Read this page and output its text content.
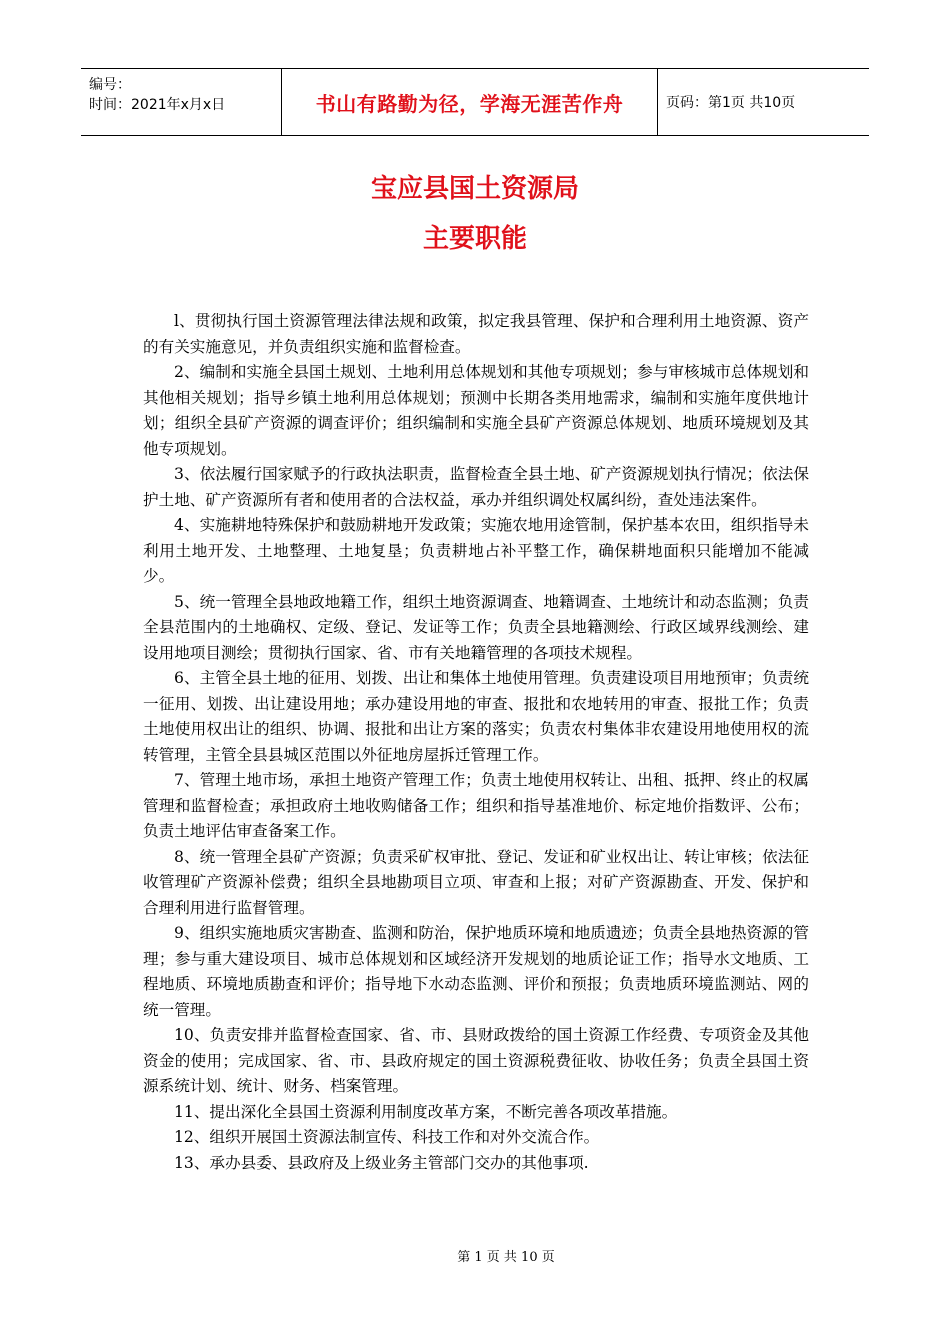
编号：
时间：2021年x月x日	书山有路勤为径，学海无涯苦作舟	页码：第1页 共10页
宝应县国土资源局
主要职能

l、贯彻执行国土资源管理法律法规和政策，拟定我县管理、保护和合理利用土地资源、资产的有关实施意见，并负责组织实施和监督检查。

2、编制和实施全县国土规划、土地利用总体规划和其他专项规划；参与审核城市总体规划和其他相关规划；指导乡镇土地利用总体规划；预测中长期各类用地需求，编制和实施年度供地计划；组织全县矿产资源的调查评价；组织编制和实施全县矿产资源总体规划、地质环境规划及其他专项规划。

3、依法履行国家赋予的行政执法职责，监督检查全县土地、矿产资源规划执行情况；依法保护土地、矿产资源所有者和使用者的合法权益，承办并组织调处权属纠纷，查处违法案件。

4、实施耕地特殊保护和鼓励耕地开发政策；实施农地用途管制，保护基本农田，组织指导未利用土地开发、土地整理、土地复垦；负责耕地占补平整工作，确保耕地面积只能增加不能减少。

5、统一管理全县地政地籍工作，组织土地资源调查、地籍调查、土地统计和动态监测；负责全县范围内的土地确权、定级、登记、发证等工作；负责全县地籍测绘、行政区域界线测绘、建设用地项目测绘；贯彻执行国家、省、市有关地籍管理的各项技术规程。

6、主管全县土地的征用、划拨、出让和集体土地使用管理。负责建设项目用地预审；负责统一征用、划拨、出让建设用地；承办建设用地的审查、报批和农地转用的审查、报批工作；负责土地使用权出让的组织、协调、报批和出让方案的落实；负责农村集体非农建设用地使用权的流转管理，主管全县县城区范围以外征地房屋拆迁管理工作。

7、管理土地市场，承担土地资产管理工作；负责土地使用权转让、出租、抵押、终止的权属管理和监督检查；承担政府土地收购储备工作；组织和指导基准地价、标定地价指数评、公布；负责土地评估审查备案工作。

8、统一管理全县矿产资源；负责采矿权审批、登记、发证和矿业权出让、转让审核；依法征收管理矿产资源补偿费；组织全县地勘项目立项、审查和上报；对矿产资源勘查、开发、保护和合理利用进行监督管理。

9、组织实施地质灾害勘查、监测和防治，保护地质环境和地质遗迹；负责全县地热资源的管理；参与重大建设项目、城市总体规划和区域经济开发规划的地质论证工作；指导水文地质、工程地质、环境地质勘查和评价；指导地下水动态监测、评价和预报；负责地质环境监测站、网的统一管理。

10、负责安排并监督检查国家、省、市、县财政拨给的国土资源工作经费、专项资金及其他资金的使用；完成国家、省、市、县政府规定的国土资源税费征收、协收任务；负责全县国土资源系统计划、统计、财务、档案管理。

11、提出深化全县国土资源利用制度改革方案，不断完善各项改革措施。

12、组织开展国土资源法制宣传、科技工作和对外交流合作。

13、承办县委、县政府及上级业务主管部门交办的其他事项.

第 1 页 共 10 页
